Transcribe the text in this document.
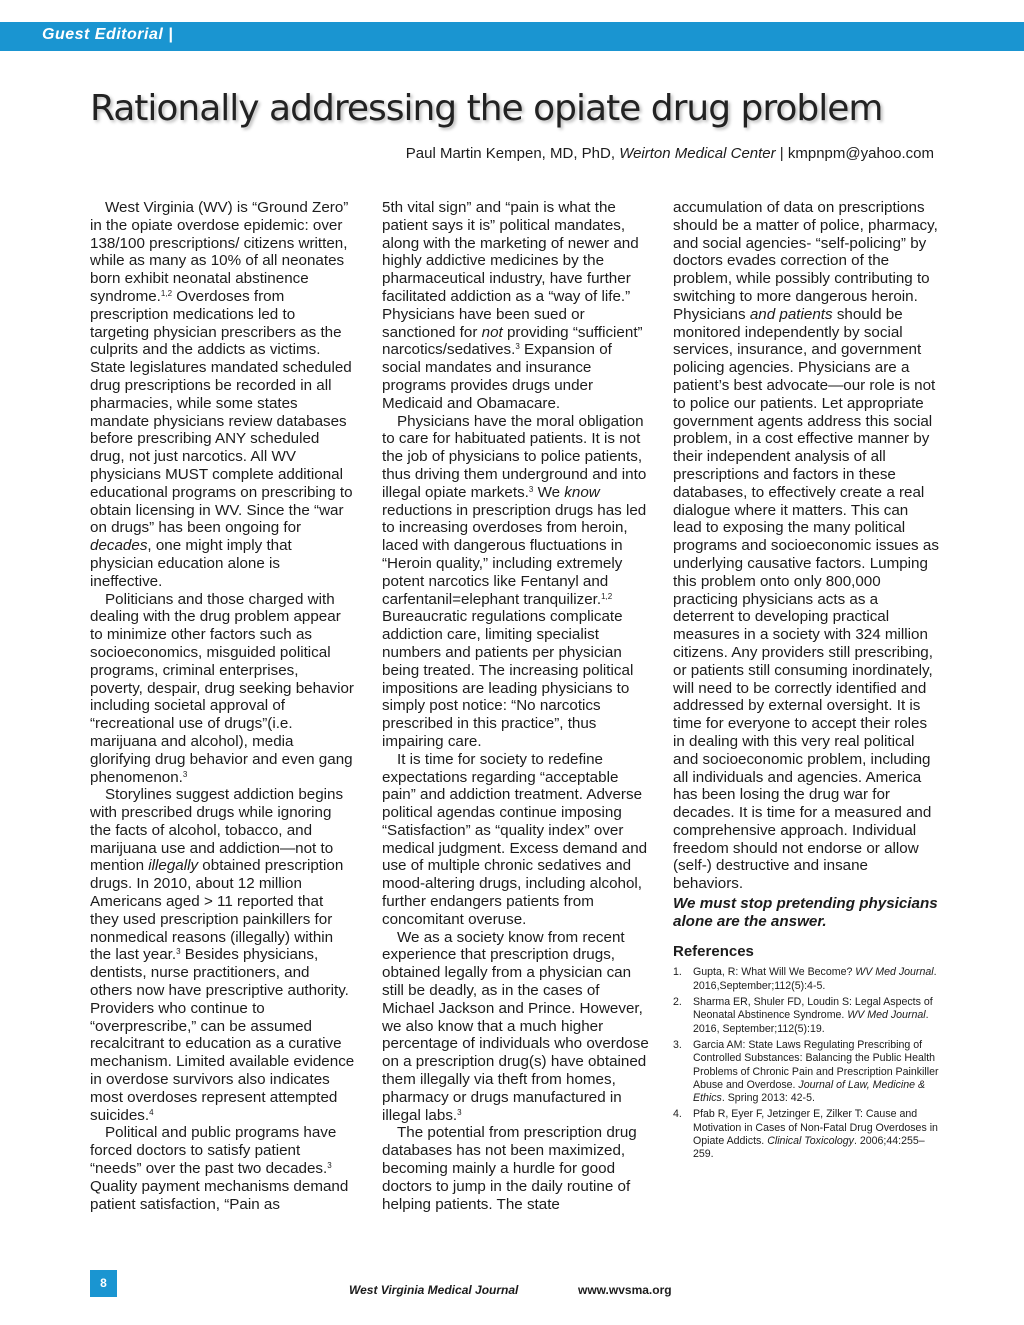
Guest Editorial |
Rationally addressing the opiate drug problem
Paul Martin Kempen, MD, PhD, Weirton Medical Center | kmpnpm@yahoo.com

West Virginia (WV) is “Ground Zero” in the opiate overdose epidemic: over 138/100 prescriptions/ citizens written, while as many as 10% of all neonates born exhibit neonatal abstinence syndrome.$^{1,2}$ Overdoses from prescription medications led to targeting physician prescribers as the culprits and the addicts as victims. State legislatures mandated scheduled drug prescriptions be recorded in all pharmacies, while some states mandate physicians review databases before prescribing ANY scheduled drug, not just narcotics. All WV physicians MUST complete additional educational programs on prescribing to obtain licensing in WV. Since the “war on drugs” has been ongoing for decades, one might imply that physician education alone is ineffective.

Politicians and those charged with dealing with the drug problem appear to minimize other factors such as socioeconomics, misguided political programs, criminal enterprises, poverty, despair, drug seeking behavior including societal approval of “recreational use of drugs”(i.e. marijuana and alcohol), media glorifying drug behavior and even gang phenomenon.$^3$

Storylines suggest addiction begins with prescribed drugs while ignoring the facts of alcohol, tobacco, and marijuana use and addiction—not to mention illegally obtained prescription drugs. In 2010, about 12 million Americans aged > 11 reported that they used prescription painkillers for nonmedical reasons (illegally) within the last year.$^3$ Besides physicians, dentists, nurse practitioners, and others now have prescriptive authority. Providers who continue to “overprescribe,” can be assumed recalcitrant to education as a curative mechanism. Limited available evidence in overdose survivors also indicates most overdoses represent attempted suicides.$^4$

Political and public programs have forced doctors to satisfy patient “needs” over the past two decades.$^3$ Quality payment mechanisms demand patient satisfaction, “Pain as

5th vital sign” and “pain is what the patient says it is” political mandates, along with the marketing of newer and highly addictive medicines by the pharmaceutical industry, have further facilitated addiction as a “way of life.” Physicians have been sued or sanctioned for not providing “sufficient” narcotics/sedatives.$^3$ Expansion of social mandates and insurance programs provides drugs under Medicaid and Obamacare.

Physicians have the moral obligation to care for habituated patients. It is not the job of physicians to police patients, thus driving them underground and into illegal opiate markets.$^3$ We know reductions in prescription drugs has led to increasing overdoses from heroin, laced with dangerous fluctuations in “Heroin quality,” including extremely potent narcotics like Fentanyl and carfentanil=elephant tranquilizer.$^{1,2}$ Bureaucratic regulations complicate addiction care, limiting specialist numbers and patients per physician being treated. The increasing political impositions are leading physicians to simply post notice: “No narcotics prescribed in this practice”, thus impairing care.

It is time for society to redefine expectations regarding “acceptable pain” and addiction treatment. Adverse political agendas continue imposing “Satisfaction” as “quality index” over medical judgment. Excess demand and use of multiple chronic sedatives and mood-altering drugs, including alcohol, further endangers patients from concomitant overuse.

We as a society know from recent experience that prescription drugs, obtained legally from a physician can still be deadly, as in the cases of Michael Jackson and Prince. However, we also know that a much higher percentage of individuals who overdose on a prescription drug(s) have obtained them illegally via theft from homes, pharmacy or drugs manufactured in illegal labs.$^3$

The potential from prescription drug databases has not been maximized, becoming mainly a hurdle for good doctors to jump in the daily routine of helping patients. The state

accumulation of data on prescriptions should be a matter of police, pharmacy, and social agencies- “self-policing” by doctors evades correction of the problem, while possibly contributing to switching to more dangerous heroin. Physicians and patients should be monitored independently by social services, insurance, and government policing agencies. Physicians are a patient’s best advocate—our role is not to police our patients. Let appropriate government agents address this social problem, in a cost effective manner by their independent analysis of all prescriptions and factors in these databases, to effectively create a real dialogue where it matters. This can lead to exposing the many political programs and socioeconomic issues as underlying causative factors. Lumping this problem onto only 800,000 practicing physicians acts as a deterrent to developing practical measures in a society with 324 million citizens. Any providers still prescribing, or patients still consuming inordinately, will need to be correctly identified and addressed by external oversight. It is time for everyone to accept their roles in dealing with this very real political and socioeconomic problem, including all individuals and agencies. America has been losing the drug war for decades. It is time for a measured and comprehensive approach. Individual freedom should not endorse or allow (self-) destructive and insane behaviors.

We must stop pretending physicians alone are the answer.

References
1. Gupta, R: What Will We Become? WV Med Journal. 2016,September;112(5):4-5.
2. Sharma ER, Shuler FD, Loudin S: Legal Aspects of Neonatal Abstinence Syndrome. WV Med Journal. 2016, September;112(5):19.
3. Garcia AM: State Laws Regulating Prescribing of Controlled Substances: Balancing the Public Health Problems of Chronic Pain and Prescription Painkiller Abuse and Overdose. Journal of Law, Medicine & Ethics. Spring 2013: 42-5.
4. Pfab R, Eyer F, Jetzinger E, Zilker T: Cause and Motivation in Cases of Non-Fatal Drug Overdoses in Opiate Addicts. Clinical Toxicology. 2006;44:255–259.
8	West Virginia Medical Journal	www.wvsma.org
